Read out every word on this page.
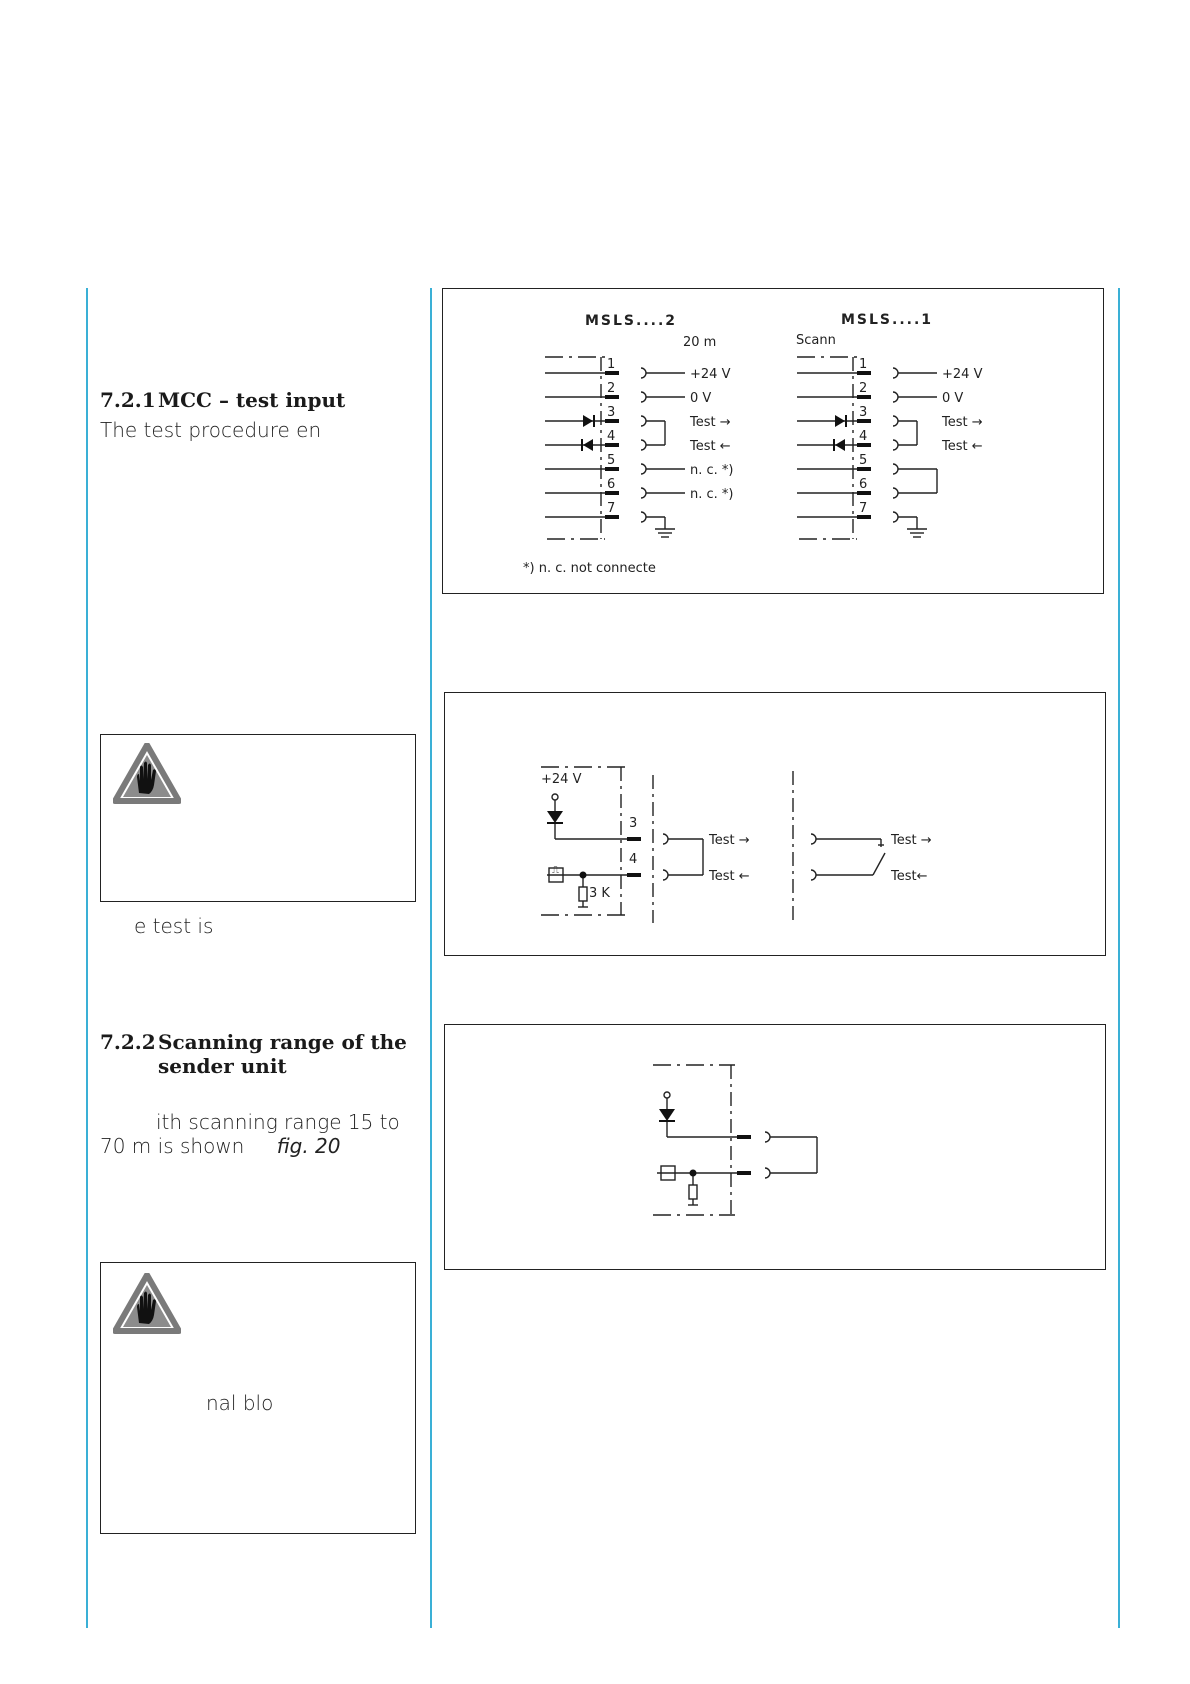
7.2.1 MCC – test input
The test procedure en
e test is
7.2.2 Scanning range of the
sender unit
ith scanning range 15 to
70 m is shown fig. 20
nal blo
MSLS....2
20 m
1
2
3
4
5
6
7
+24 V
0 V
Test →
Test ←
n. c. *)
n. c. *)
MSLS....1
Scann
1
2
3
4
5
6
7
+24 V
0 V
Test →
Test ←
*) n. c. not connecte
⎍
+24 V
3
4
3 K
Test →
Test ←
Test →
Test←
